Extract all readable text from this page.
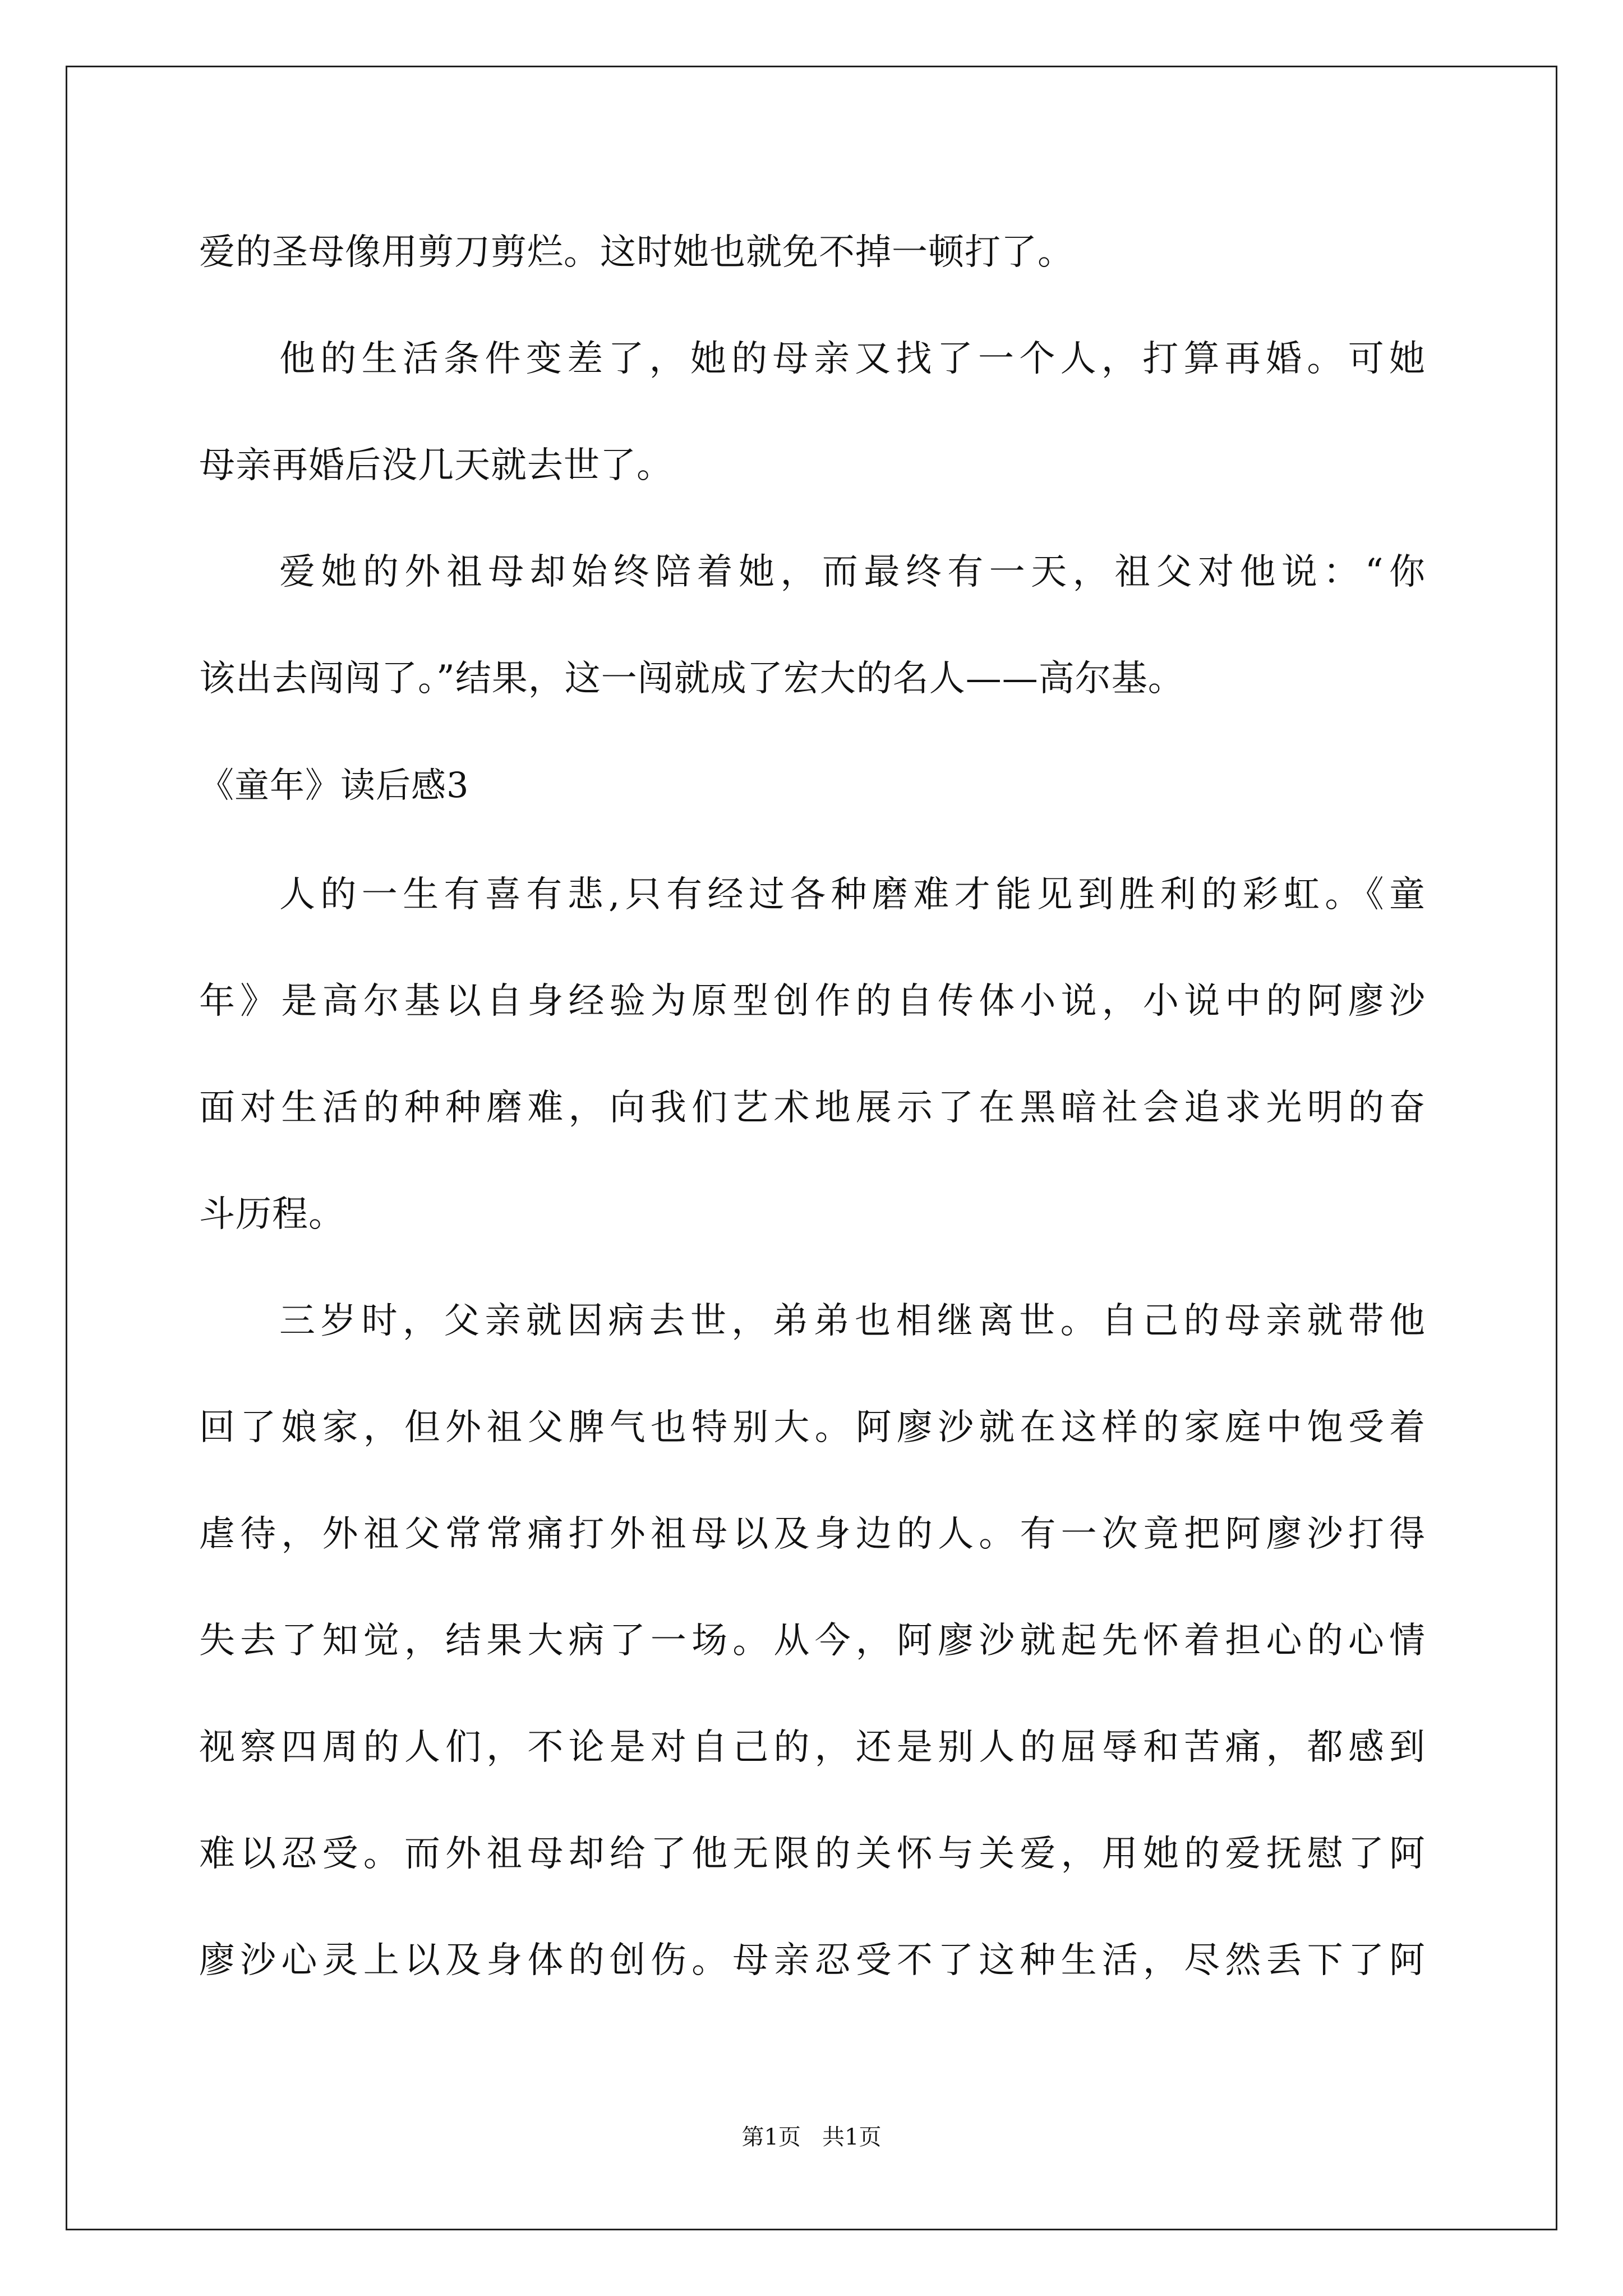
爱的圣母像用剪刀剪烂。这时她也就免不掉一顿打了。

他的生活条件变差了，她的母亲又找了一个人，打算再婚。可她

母亲再婚后没几天就去世了。

爱她的外祖母却始终陪着她，而最终有一天，祖父对他说：“你

该出去闯闯了。”结果，这一闯就成了宏大的名人——高尔基。

《童年》读后感3

人的一生有喜有悲,只有经过各种磨难才能见到胜利的彩虹。《童

年》是高尔基以自身经验为原型创作的自传体小说，小说中的阿廖沙

面对生活的种种磨难，向我们艺术地展示了在黑暗社会追求光明的奋

斗历程。

三岁时，父亲就因病去世，弟弟也相继离世。自己的母亲就带他

回了娘家，但外祖父脾气也特别大。阿廖沙就在这样的家庭中饱受着

虐待，外祖父常常痛打外祖母以及身边的人。有一次竟把阿廖沙打得

失去了知觉，结果大病了一场。从今，阿廖沙就起先怀着担心的心情

视察四周的人们，不论是对自己的，还是别人的屈辱和苦痛，都感到

难以忍受。而外祖母却给了他无限的关怀与关爱，用她的爱抚慰了阿

廖沙心灵上以及身体的创伤。母亲忍受不了这种生活，尽然丢下了阿

第1页   共1页
